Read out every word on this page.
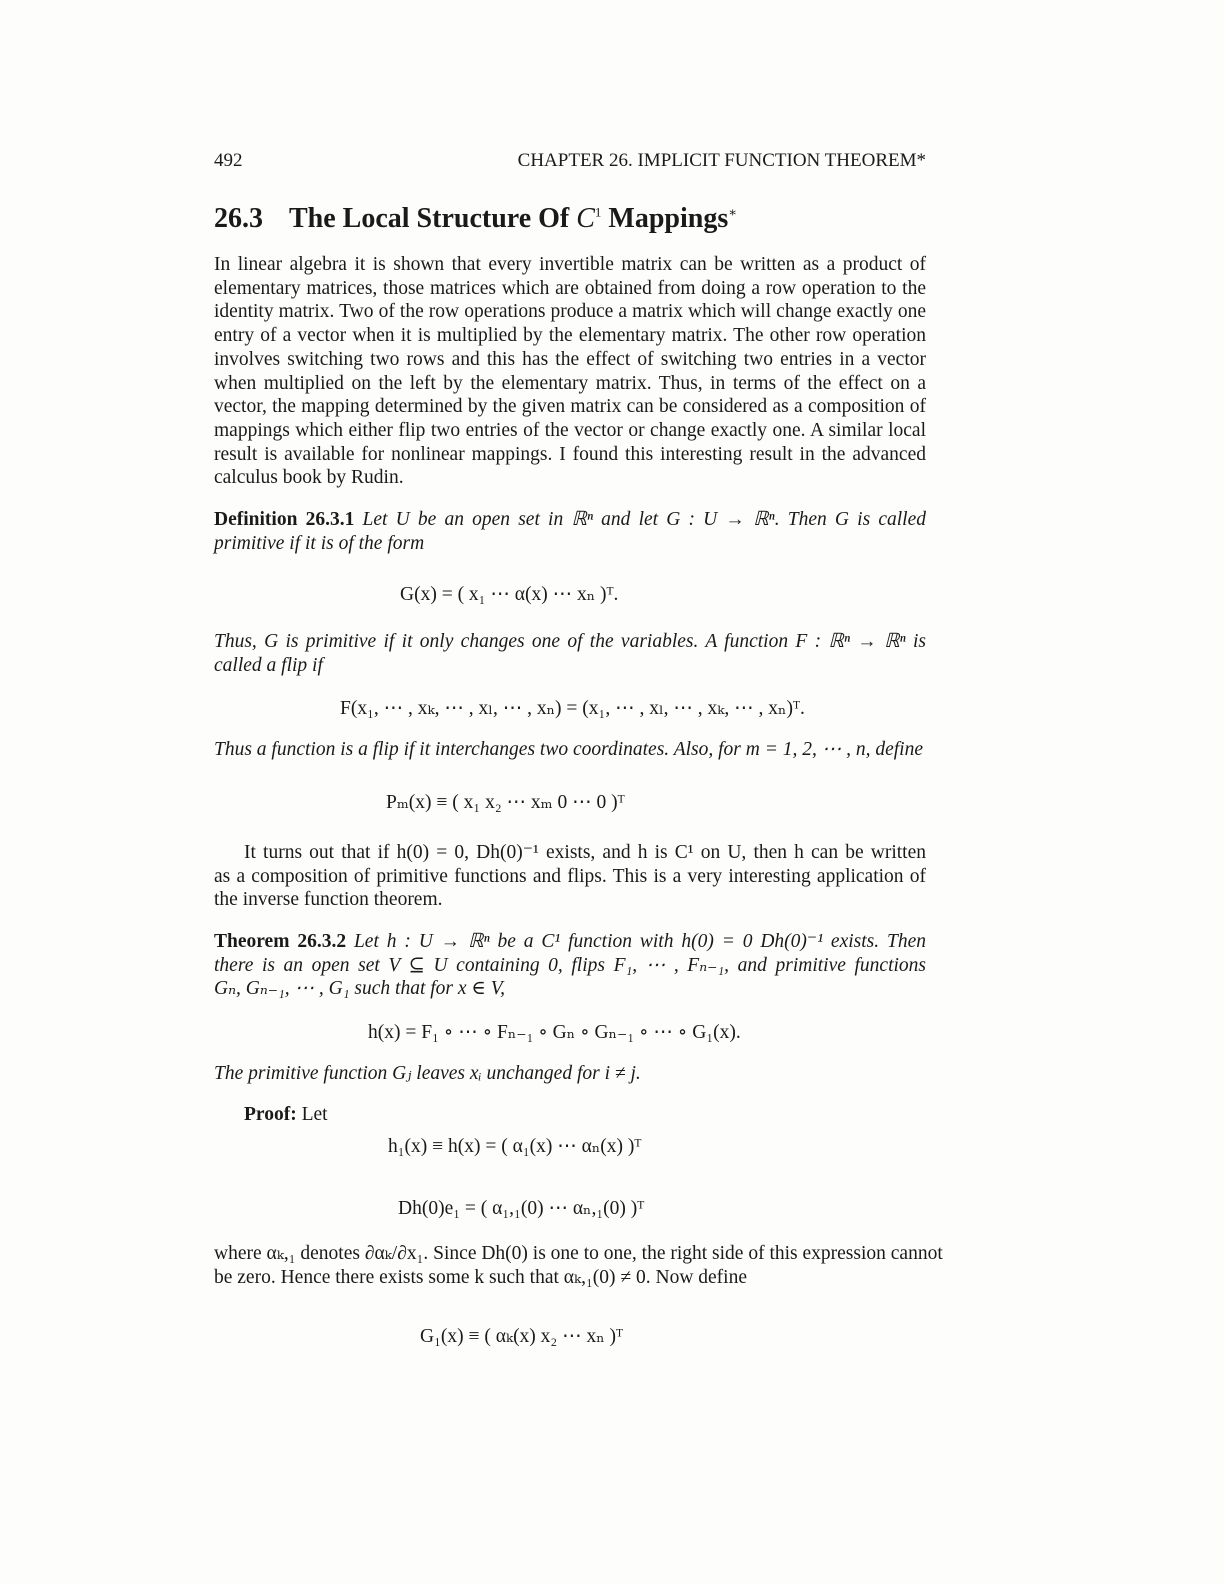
492	CHAPTER 26. IMPLICIT FUNCTION THEOREM*
26.3 The Local Structure Of $C^1$ Mappings∗
In linear algebra it is shown that every invertible matrix can be written as a product of
elementary matrices, those matrices which are obtained from doing a row operation to the
identity matrix. Two of the row operations produce a matrix which will change exactly one
entry of a vector when it is multiplied by the elementary matrix. The other row operation
involves switching two rows and this has the effect of switching two entries in a vector
when multiplied on the left by the elementary matrix. Thus, in terms of the effect on a
vector, the mapping determined by the given matrix can be considered as a composition of
mappings which either flip two entries of the vector or change exactly one. A similar local
result is available for nonlinear mappings. I found this interesting result in the advanced
calculus book by Rudin.
Definition 26.3.1 Let U be an open set in ℝⁿ and let G : U → ℝⁿ. Then G is called
primitive if it is of the form
G(x) = ( x₁ ⋯ α(x) ⋯ xₙ )ᵀ.
Thus, G is primitive if it only changes one of the variables. A function F : ℝⁿ → ℝⁿ is
called a flip if
F(x₁, ⋯ , xₖ, ⋯ , xₗ, ⋯ , xₙ) = (x₁, ⋯ , xₗ, ⋯ , xₖ, ⋯ , xₙ)ᵀ.
Thus a function is a flip if it interchanges two coordinates. Also, for m = 1, 2, ⋯ , n, define
Pₘ(x) ≡ ( x₁ x₂ ⋯ xₘ 0 ⋯ 0 )ᵀ
It turns out that if h(0) = 0, Dh(0)⁻¹ exists, and h is C¹ on U, then h can be written
as a composition of primitive functions and flips. This is a very interesting application of
the inverse function theorem.
Theorem 26.3.2 Let h : U → ℝⁿ be a C¹ function with h(0) = 0 Dh(0)⁻¹ exists. Then
there is an open set V ⊆ U containing 0, flips F₁, ⋯ , Fₙ₋₁, and primitive functions
Gₙ, Gₙ₋₁, ⋯ , G₁ such that for x ∈ V,
h(x) = F₁ ∘ ⋯ ∘ Fₙ₋₁ ∘ Gₙ ∘ Gₙ₋₁ ∘ ⋯ ∘ G₁(x).
The primitive function Gⱼ leaves xᵢ unchanged for i ≠ j.
Proof: Let
h₁(x) ≡ h(x) = ( α₁(x) ⋯ αₙ(x) )ᵀ
Dh(0)e₁ = ( α₁,₁(0) ⋯ αₙ,₁(0) )ᵀ
where αₖ,₁ denotes ∂αₖ/∂x₁. Since Dh(0) is one to one, the right side of this expression cannot
be zero. Hence there exists some k such that αₖ,₁(0) ≠ 0. Now define
G₁(x) ≡ ( αₖ(x) x₂ ⋯ xₙ )ᵀ
